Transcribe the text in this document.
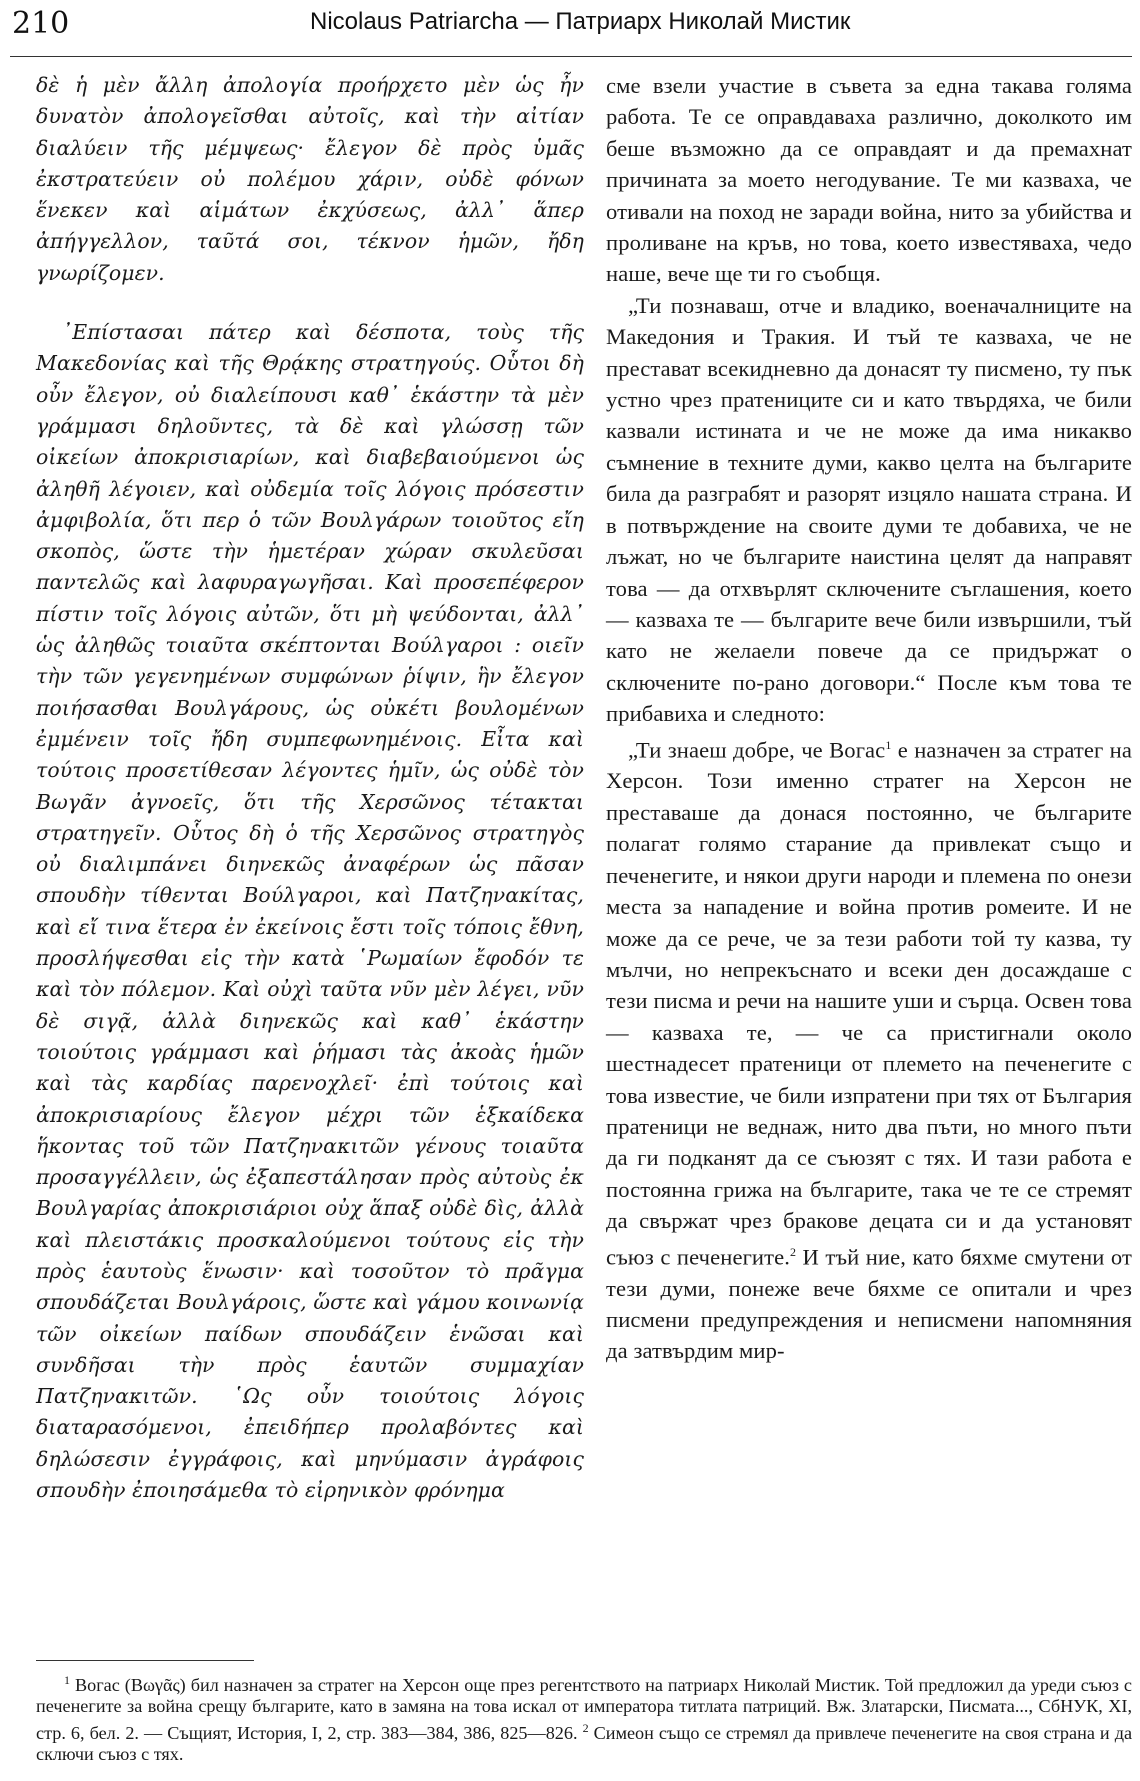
210	Nicolaus Patriarcha — Патриарх Николай Мистик

δὲ ἡ μὲν ἄλλη ἀπολογία προήρχετο μὲν ὡς ἦν δυνατὸν ἀπολογεῖσθαι αὐτοῖς, καὶ τὴν αἰτίαν διαλύειν τῆς μέμψεως· ἔλεγον δὲ πρὸς ὑμᾶς ἐκστρατεύειν οὐ πολέμου χάριν, οὐδὲ φόνων ἕνεκεν καὶ αἱμάτων ἐκχύσεως, ἀλλ᾽ ἅπερ ἀπήγγελλον, ταῦτά σοι, τέκνον ἡμῶν, ἤδη γνωρίζομεν.

᾽Επίστασαι πάτερ καὶ δέσποτα, τοὺς τῆς Μακεδονίας καὶ τῆς Θρᾴκης στρατηγούς. Οὗτοι δὴ οὖν ἔλεγον, οὐ διαλείπουσι καθ᾽ ἑκάστην τὰ μὲν γράμμασι δηλοῦντες, τὰ δὲ καὶ γλώσσῃ τῶν οἰκείων ἀποκρισιαρίων, καὶ διαβεβαιούμενοι ὡς ἀληθῆ λέγοιεν, καὶ οὐδεμία τοῖς λόγοις πρόσεστιν ἀμφιβολία, ὅτι περ ὁ τῶν Βουλγάρων τοιοῦτος εἴη σκοπὸς, ὥστε τὴν ἡμετέραν χώραν σκυλεῦσαι παντελῶς καὶ λαφυραγωγῆσαι. Καὶ προσεπέφερον πίστιν τοῖς λόγοις αὐτῶν, ὅτι μὴ ψεύδονται, ἀλλ᾽ ὡς ἀληθῶς τοιαῦτα σκέπτονται Βούλγαροι : οιεῖν τὴν τῶν γεγενημένων συμφώνων ῥίψιν, ἣν ἔλεγον ποιήσασθαι Βουλγάρους, ὡς οὐκέτι βουλομένων ἐμμένειν τοῖς ἤδη συμπεφωνημένοις. Εἶτα καὶ τούτοις προσετίθεσαν λέγοντες ἡμῖν, ὡς οὐδὲ τὸν Βωγᾶν ἀγνοεῖς, ὅτι τῆς Χερσῶνος τέτακται στρατηγεῖν. Οὗτος δὴ ὁ τῆς Χερσῶνος στρατηγὸς οὐ διαλιμπάνει διηνεκῶς ἀναφέρων ὡς πᾶσαν σπουδὴν τίθενται Βούλγαροι, καὶ Πατζηνακίτας, καὶ εἴ τινα ἕτερα ἐν ἐκείνοις ἔστι τοῖς τόποις ἔθνη, προσλήψεσθαι εἰς τὴν κατὰ ῾Ρωμαίων ἔφοδόν τε καὶ τὸν πόλεμον. Καὶ οὐχὶ ταῦτα νῦν μὲν λέγει, νῦν δὲ σιγᾷ, ἀλλὰ διηνεκῶς καὶ καθ᾽ ἑκάστην τοιούτοις γράμμασι καὶ ῥήμασι τὰς ἀκοὰς ἡμῶν καὶ τὰς καρδίας παρενοχλεῖ· ἐπὶ τούτοις καὶ ἀποκρισιαρίους ἔλεγον μέχρι τῶν ἑξκαίδεκα ἥκοντας τοῦ τῶν Πατζηνακιτῶν γένους τοιαῦτα προσαγγέλλειν, ὡς ἐξαπεστάλησαν πρὸς αὐτοὺς ἐκ Βουλγαρίας ἀποκρισιάριοι οὐχ ἅπαξ οὐδὲ δὶς, ἀλλὰ καὶ πλειστάκις προσκαλούμενοι τούτους εἰς τὴν πρὸς ἑαυτοὺς ἕνωσιν· καὶ τοσοῦτον τὸ πρᾶγμα σπουδάζεται Βουλγάροις, ὥστε καὶ γάμου κοινωνίᾳ τῶν οἰκείων παίδων σπουδάζειν ἑνῶσαι καὶ συνδῆσαι τὴν πρὸς ἑαυτῶν συμμαχίαν Πατζηνακιτῶν. ῾Ως οὖν τοιούτοις λόγοις διαταρασόμενοι, ἐπειδήπερ προλαβόντες καὶ δηλώσεσιν ἐγγράφοις, καὶ μηνύμασιν ἀγράφοις σπουδὴν ἐποιησάμεθα τὸ εἰρηνικὸν φρόνημα

сме взели участие в съвета за една такава голяма работа. Те се оправдаваха различно, доколкото им беше възможно да се оправдаят и да премахнат причината за моето негодувание. Те ми казваха, че отивали на поход не заради война, нито за убийства и проливане на кръв, но това, което известяваха, чедо наше, вече ще ти го съобщя.

„Ти познаваш, отче и владико, военачалниците на Македония и Тракия. И тъй те казваха, че не престават всекидневно да донасят ту писмено, ту пък устно чрез пратениците си и като твърдяха, че били казвали истината и че не може да има никакво съмнение в техните думи, какво целта на българите била да разграбят и разорят изцяло нашата страна. И в потвърждение на своите думи те добавиха, че не лъжат, но че българите наистина целят да направят това — да отхвърлят сключените съглашения, което — казваха те — българите вече били извършили, тъй като не желаели повече да се придържат о сключените по-рано договори.“ После към това те прибавиха и следното:

„Ти знаеш добре, че Вогас$^1$ е назначен за стратег на Херсон. Този именно стратег на Херсон не преставаше да донася постоянно, че българите полагат голямо старание да привлекат също и печенегите, и някои други народи и племена по онези места за нападение и война против ромеите. И не може да се рече, че за тези работи той ту казва, ту мълчи, но непрекъснато и всеки ден досаждаше с тези писма и речи на нашите уши и сърца. Освен това — казваха те, — че са пристигнали около шестнадесет пратеници от племето на печенегите с това известие, че били изпратени при тях от България пратеници не веднаж, нито два пъти, но много пъти да ги подканят да се съюзят с тях. И тази работа е постоянна грижа на българите, така че те се стремят да свържат чрез бракове децата си и да установят съюз с печенегите.$^2$ И тъй ние, като бяхме смутени от тези думи, понеже вече бяхме се опитали и чрез писмени предупреждения и неписмени напомняния да затвърдим мир-

$^1$ Вогас (Βωγᾶς) бил назначен за стратег на Херсон още през регентството на патриарх Николай Мистик. Той предложил да уреди съюз с печенегите за война срещу българите, като в замяна на това искал от императора титлата патриций. Вж. Златарски, Писмата..., СбНУК, XI, стр. 6, бел. 2. — Същият, История, I, 2, стр. 383—384, 386, 825—826. $^2$ Симеон също се стремял да привлече печенегите на своя страна и да сключи съюз с тях.
